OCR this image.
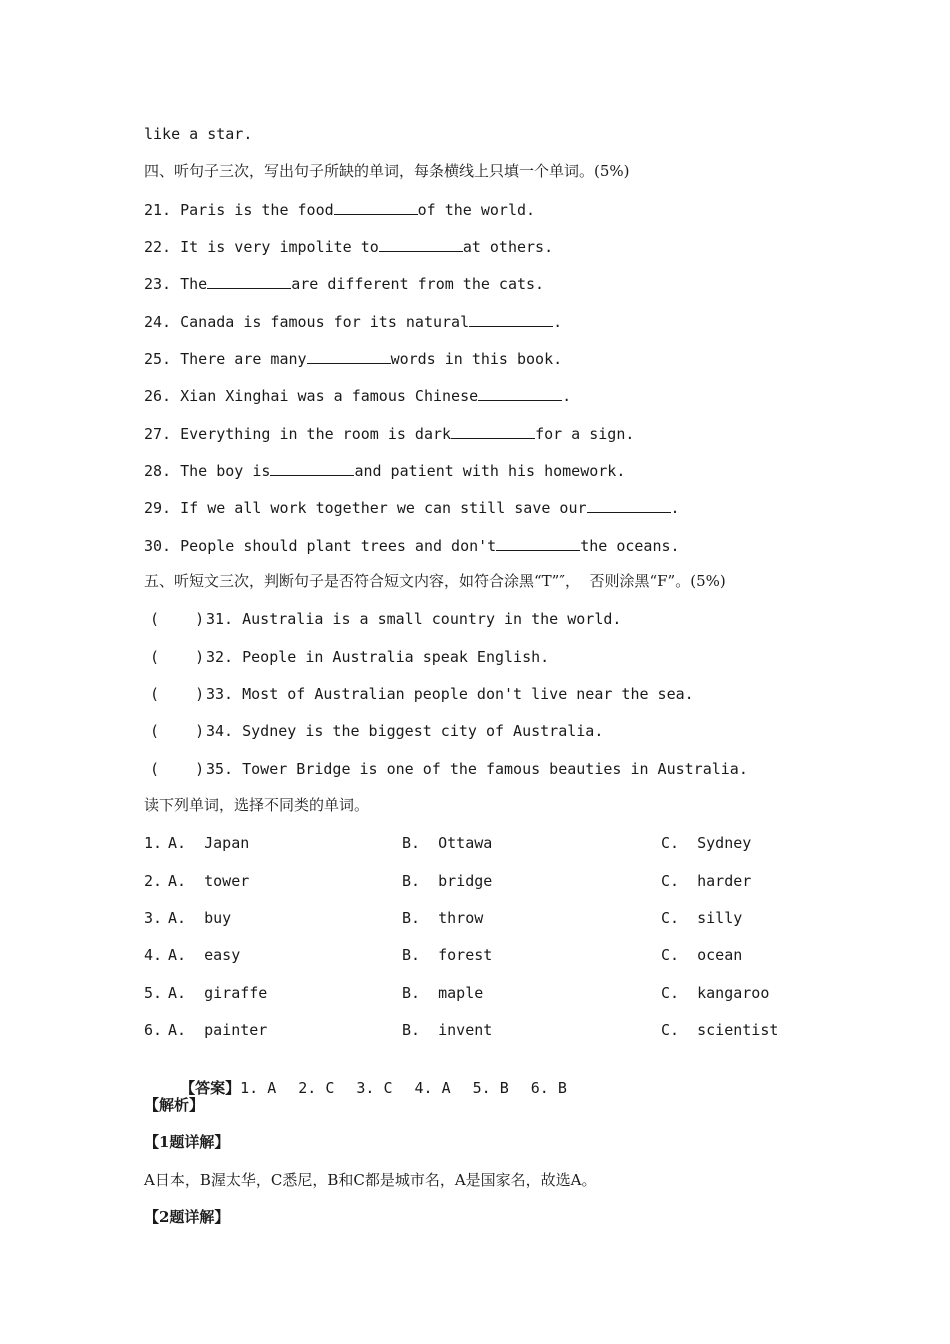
like a star.
四、听句子三次，写出句子所缺的单词，每条横线上只填一个单词。(5%)
21. Paris is the food	of the world.
22. It is very impolite to	at others.
23. The	are different from the cats.
24. Canada is famous for its natural	.
25. There are many	words in this book.
26. Xian Xinghai was a famous Chinese	.
27. Everything in the room is dark	for a sign.
28. The boy is	and patient with his homework.
29. If we all work together we can still save our	.
30. People should plant trees and don't	the oceans.
五、听短文三次，判断句子是否符合短文内容，如符合涂黑“T”″，  否则涂黑“F”。(5%)
(    ) 31. Australia is a small country in the world.
(    ) 32. People in Australia speak English.
(    ) 33. Most of Australian people don't live near the sea.
(    ) 34. Sydney is the biggest city of Australia.
(    ) 35. Tower Bridge is one of the famous beauties in Australia.
读下列单词，选择不同类的单词。
1. A.  Japan	B.  Ottawa	C.  Sydney
2. A.  tower	B.  bridge	C.  harder
3. A.  buy	B.  throw	C.  silly
4. A.  easy	B.  forest	C.  ocean
5. A.  giraffe	B.  maple	C.  kangaroo
6. A.  painter	B.  invent	C.  scientist

【答案】1. A 2. C 3. C 4. A 5. B 6. B

【解析】
【1题详解】
A日本，B渥太华，C悉尼，B和C都是城市名，A是国家名，故选A。
【2题详解】
